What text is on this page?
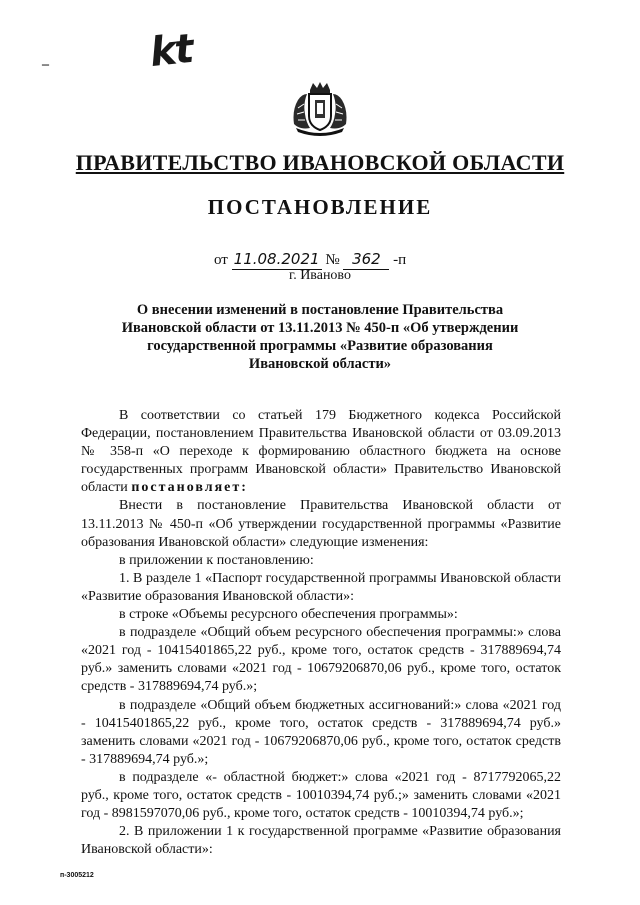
kt
–
ПРАВИТЕЛЬСТВО ИВАНОВСКОЙ ОБЛАСТИ
ПОСТАНОВЛЕНИЕ
от 11.08.2021 № 362 -п
г. Иваново
О внесении изменений в постановление Правительства
Ивановской области от 13.11.2013 № 450-п «Об утверждении
государственной программы «Развитие образования
Ивановской области»

В соответствии со статьей 179 Бюджетного кодекса Российской Федерации, постановлением Правительства Ивановской области от 03.09.2013 № 358-п «О переходе к формированию областного бюджета на основе государственных программ Ивановской области» Правительство Ивановской области постановляет:

Внести в постановление Правительства Ивановской области от 13.11.2013 № 450-п «Об утверждении государственной программы «Развитие образования Ивановской области» следующие изменения:

в приложении к постановлению:

1. В разделе 1 «Паспорт государственной программы Ивановской области «Развитие образования Ивановской области»:

в строке «Объемы ресурсного обеспечения программы»:

в подразделе «Общий объем ресурсного обеспечения программы:» слова «2021 год - 10415401865,22 руб., кроме того, остаток средств - 317889694,74 руб.» заменить словами «2021 год - 10679206870,06 руб., кроме того, остаток средств - 317889694,74 руб.»;

в подразделе «Общий объем бюджетных ассигнований:» слова «2021 год - 10415401865,22 руб., кроме того, остаток средств - 317889694,74 руб.» заменить словами «2021 год - 10679206870,06 руб., кроме того, остаток средств - 317889694,74 руб.»;

в подразделе «- областной бюджет:» слова «2021 год - 8717792065,22 руб., кроме того, остаток средств - 10010394,74 руб.;» заменить словами «2021 год - 8981597070,06 руб., кроме того, остаток средств - 10010394,74 руб.»;

2. В приложении 1 к государственной программе «Развитие образования Ивановской области»:

п-3005212
